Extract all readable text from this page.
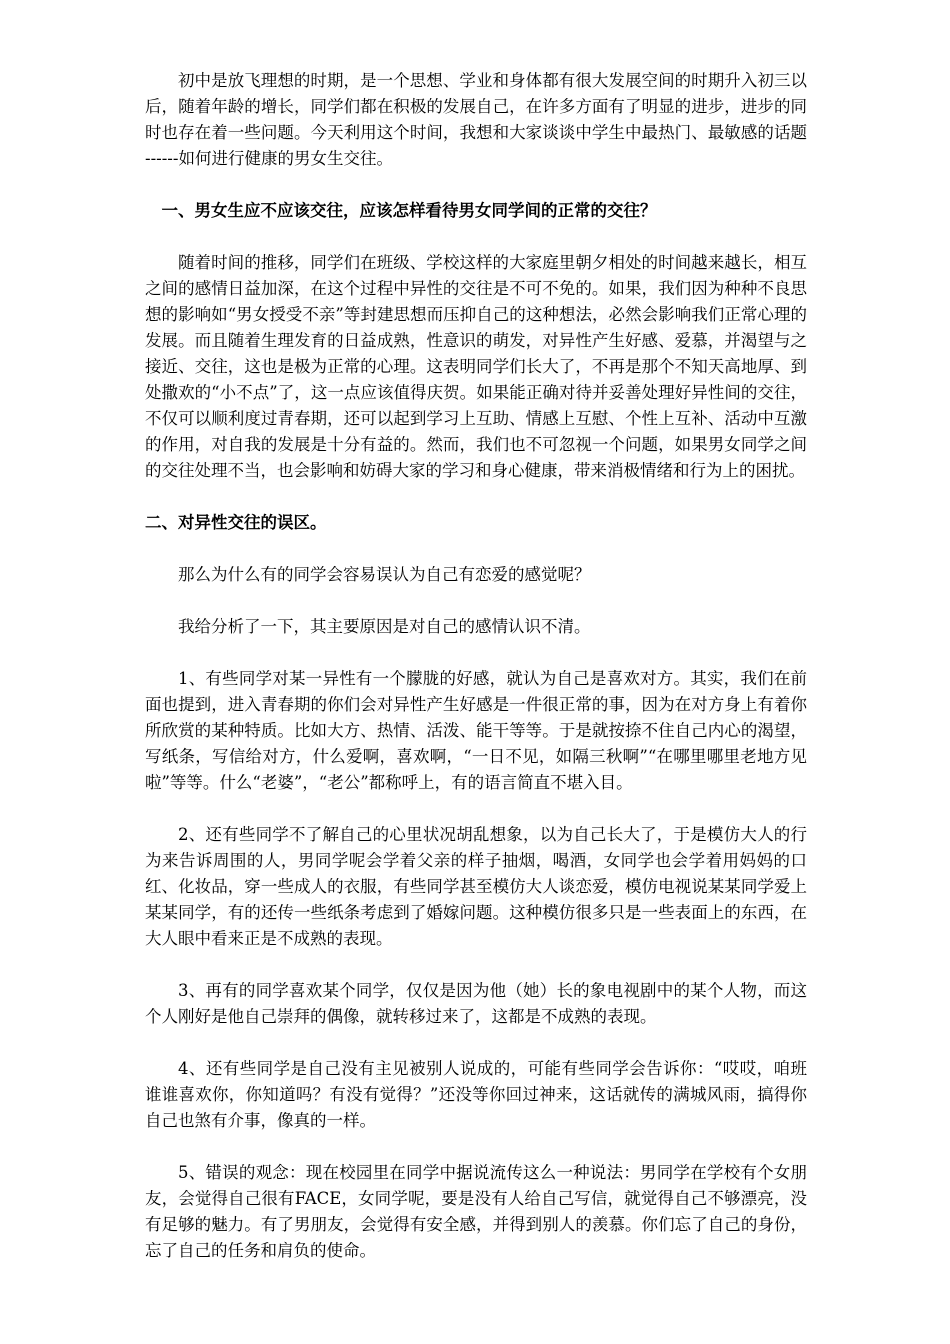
初中是放飞理想的时期，是一个思想、学业和身体都有很大发展空间的时期升入初三以后，随着年龄的增长，同学们都在积极的发展自己，在许多方面有了明显的进步，进步的同时也存在着一些问题。今天利用这个时间，我想和大家谈谈中学生中最热门、最敏感的话题 ------如何进行健康的男女生交往。

一、男女生应不应该交往，应该怎样看待男女同学间的正常的交往？

随着时间的推移，同学们在班级、学校这样的大家庭里朝夕相处的时间越来越长，相互之间的感情日益加深，在这个过程中异性的交往是不可不免的。如果，我们因为种种不良思想的影响如“男女授受不亲”等封建思想而压抑自己的这种想法，必然会影响我们正常心理的发展。而且随着生理发育的日益成熟，性意识的萌发，对异性产生好感、爱慕，并渴望与之接近、交往，这也是极为正常的心理。这表明同学们长大了，不再是那个不知天高地厚、到处撒欢的“小不点”了，这一点应该值得庆贺。如果能正确对待并妥善处理好异性间的交往，不仅可以顺利度过青春期，还可以起到学习上互助、情感上互慰、个性上互补、活动中互激的作用，对自我的发展是十分有益的。然而，我们也不可忽视一个问题，如果男女同学之间的交往处理不当，也会影响和妨碍大家的学习和身心健康，带来消极情绪和行为上的困扰。

二、对异性交往的误区。

那么为什么有的同学会容易误认为自己有恋爱的感觉呢？

我给分析了一下，其主要原因是对自己的感情认识不清。

1、有些同学对某一异性有一个朦胧的好感，就认为自己是喜欢对方。其实，我们在前面也提到，进入青春期的你们会对异性产生好感是一件很正常的事，因为在对方身上有着你所欣赏的某种特质。比如大方、热情、活泼、能干等等。于是就按捺不住自己内心的渴望，写纸条，写信给对方，什么爱啊，喜欢啊，“一日不见，如隔三秋啊”“在哪里哪里老地方见啦”等等。什么“老婆”，“老公”都称呼上，有的语言简直不堪入目。

2、还有些同学不了解自己的心里状况胡乱想象，以为自己长大了，于是模仿大人的行为来告诉周围的人，男同学呢会学着父亲的样子抽烟，喝酒，女同学也会学着用妈妈的口红、化妆品，穿一些成人的衣服，有些同学甚至模仿大人谈恋爱，模仿电视说某某同学爱上某某同学，有的还传一些纸条考虑到了婚嫁问题。这种模仿很多只是一些表面上的东西，在大人眼中看来正是不成熟的表现。

3、再有的同学喜欢某个同学，仅仅是因为他（她）长的象电视剧中的某个人物，而这个人刚好是他自己崇拜的偶像，就转移过来了，这都是不成熟的表现。

4、还有些同学是自己没有主见被别人说成的，可能有些同学会告诉你：“哎哎，咱班谁谁喜欢你，你知道吗？有没有觉得？”还没等你回过神来，这话就传的满城风雨，搞得你自己也煞有介事，像真的一样。

5、错误的观念：现在校园里在同学中据说流传这么一种说法：男同学在学校有个女朋友，会觉得自己很有FACE，女同学呢，要是没有人给自己写信，就觉得自己不够漂亮，没有足够的魅力。有了男朋友，会觉得有安全感，并得到别人的羡慕。你们忘了自己的身份，忘了自己的任务和肩负的使命。
